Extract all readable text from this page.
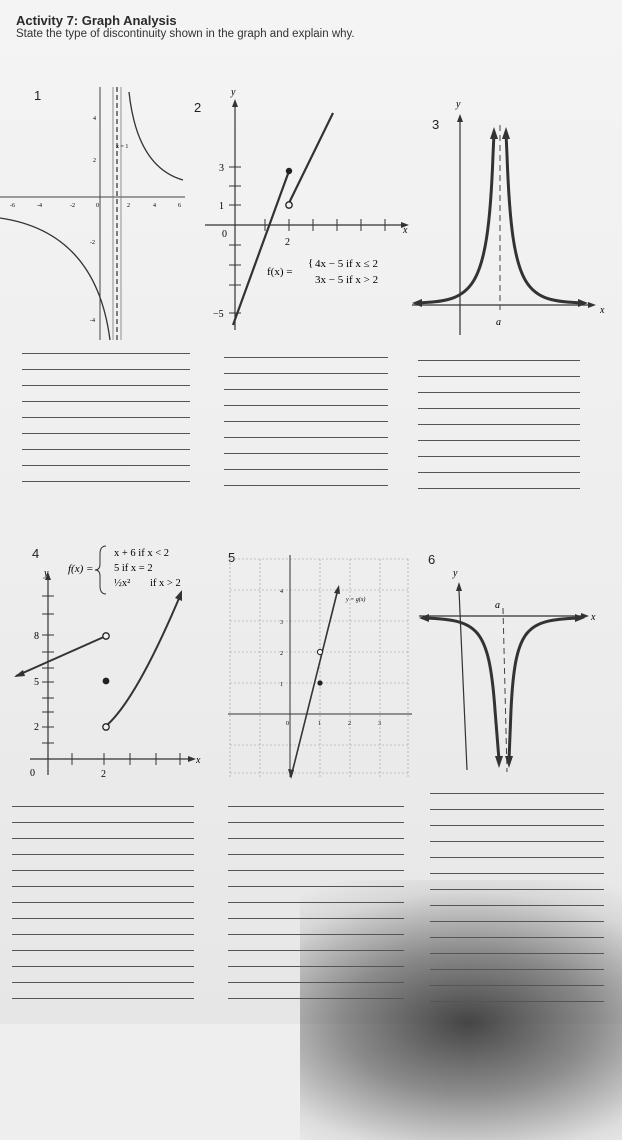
Activity 7: Graph Analysis
State the type of discontinuity shown in the graph and explain why.
1
2
3
4	5	6
x = 1
-6	-4	-2	0	2	4	6
4
2
-2
-4
x
y
3
1
0
2
−5
f(x) =
{ 4x − 5 if x ≤ 2
3x − 5 if x > 2
x
y
a
f(x) =
x + 6 if x < 2
5 if x = 2
½x² if x > 2
x
y
8
5
2
0	2
y = g(x)
4
3
2
1
0	1	2	3
x
y
a
